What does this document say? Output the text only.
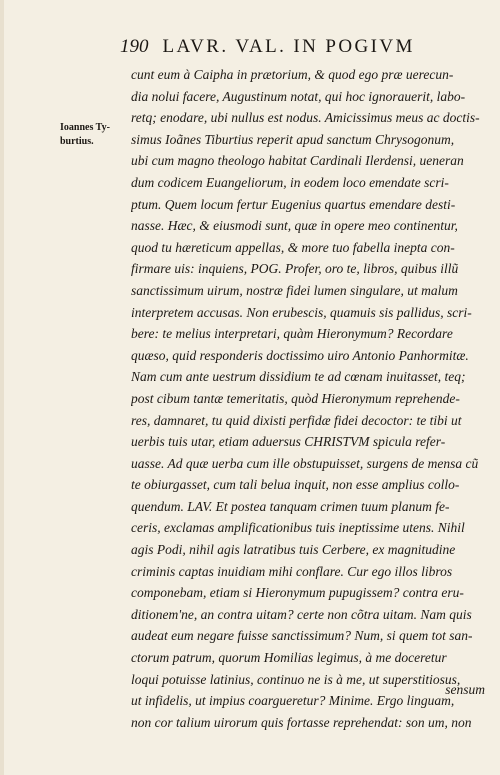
190 LAVR. VAL. IN POGIVM
Ioannes Ty-
burtius.
cunt eum à Caipha in prætorium, & quod ego præ uerecun-
dia nolui facere, Augustinum notat, qui hoc ignorauerit, labo-
retq; enodare, ubi nullus est nodus. Amicissimus meus ac doctis-
simus Ioãnes Tiburtius reperit apud sanctum Chrysogonum,
ubi cum magno theologo habitat Cardinali Ilerdensi, ueneran
dum codicem Euangeliorum, in eodem loco emendate scri-
ptum. Quem locum fertur Eugenius quartus emendare desti-
nasse. Hæc, & eiusmodi sunt, quæ in opere meo continentur,
quod tu hæreticum appellas, & more tuo fabella inepta con-
firmare uis: inquiens, POG. Profer, oro te, libros, quibus illũ
sanctissimum uirum, nostræ fidei lumen singulare, ut malum
interpretem accusas. Non erubescis, quamuis sis pallidus, scri-
bere: te melius interpretari, quàm Hieronymum? Recordare
quæso, quid responderis doctissimo uiro Antonio Panhormitæ.
Nam cum ante uestrum dissidium te ad cœnam inuitasset, teq;
post cibum tantæ temeritatis, quòd Hieronymum reprehende-
res, damnaret, tu quid dixisti perfidæ fidei decoctor: te tibi ut
uerbis tuis utar, etiam aduersus CHRISTVM spicula refer-
uasse. Ad quæ uerba cum ille obstupuisset, surgens de mensa cũ
te obiurgasset, cum tali belua inquit, non esse amplius collo-
quendum. LAV. Et postea tanquam crimen tuum planum fe-
ceris, exclamas amplificationibus tuis ineptissime utens. Nihil
agis Podi, nihil agis latratibus tuis Cerbere, ex magnitudine
criminis captas inuidiam mihi conflare. Cur ego illos libros
componebam, etiam si Hieronymum pupugissem? contra eru-
ditionem'ne, an contra uitam? certe non cõtra uitam. Nam quis
audeat eum negare fuisse sanctissimum? Num, si quem tot san-
ctorum patrum, quorum Homilias legimus, à me doceretur
loqui potuisse latinius, continuo ne is à me, ut superstitiosus,
ut infidelis, ut impius coargueretur? Minime. Ergo linguam,
non cor talium uirorum quis fortasse reprehendat: son um, non
sensum
